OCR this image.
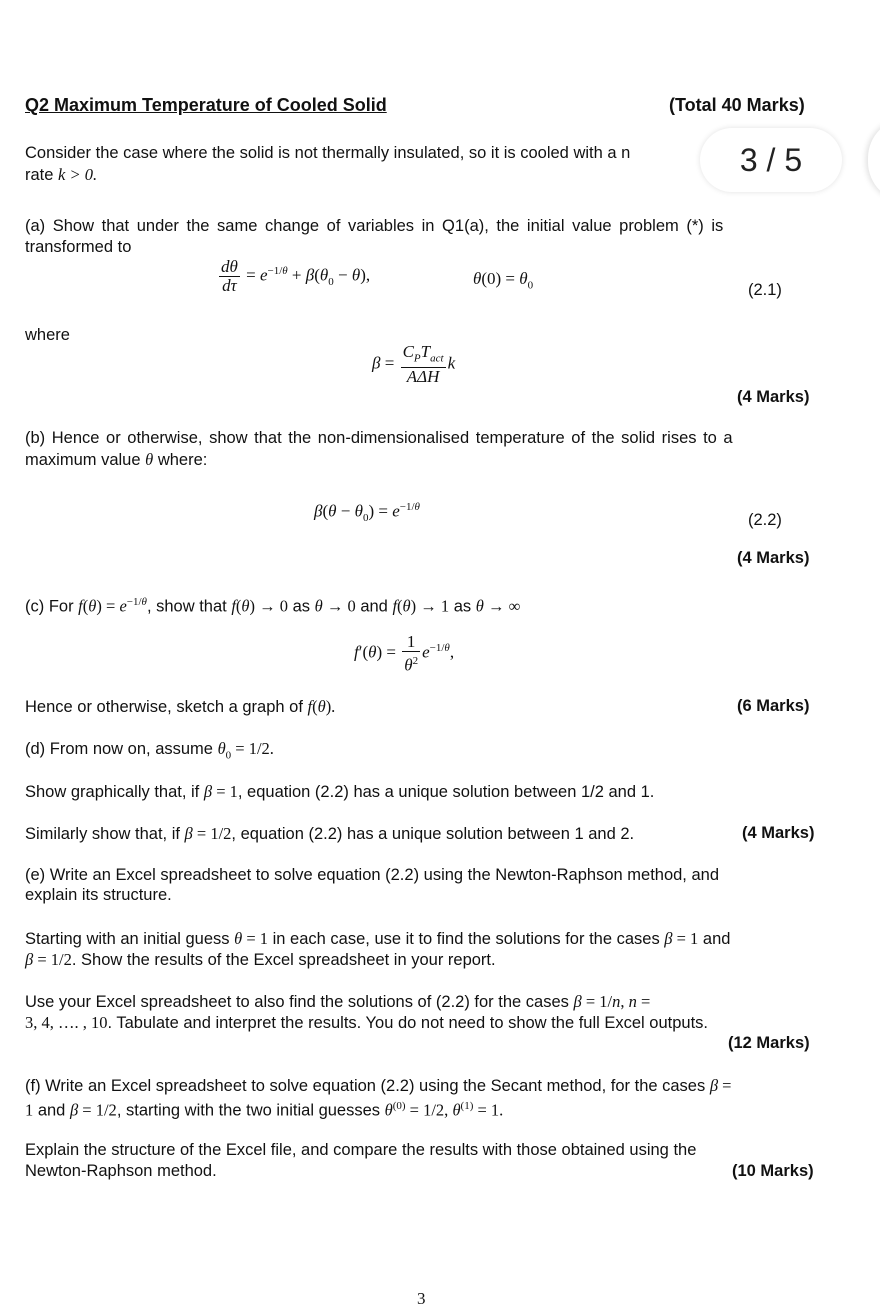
Q2 Maximum Temperature of Cooled Solid	(Total 40 Marks)
Consider the case where the solid is not thermally insulated, so it is cooled with a n
rate k > 0.	3 / 5
(a) Show that under the same change of variables in Q1(a), the initial value problem (*) is
transformed to
$\frac{d\theta}{d\tau} = e^{-1/\theta} + \beta(\theta_0 - \theta)$,	$\theta(0) = \theta_0$	(2.1)
where
$\beta = \frac{C_PT_{act}}{\text{AΔH}}$ k
(4 Marks)
(b) Hence or otherwise, show that the non-dimensionalised temperature of the solid rises to a
maximum value θ where:
$\beta(\theta - \theta_0) = e^{-1/\theta}$
(2.2)
(4 Marks)
(c) For $f(\theta) = e^{-1/\theta}$, show that f(θ) → 0 as θ → 0 and f(θ) → 1 as θ → ∞
$f'(\theta) = \frac{1}{\theta^2} e^{-1/\theta}$,
Hence or otherwise, sketch a graph of f(θ).	(6 Marks)
(d) From now on, assume $\theta_0 = 1/2$.
Show graphically that, if β = 1, equation (2.2) has a unique solution between 1/2 and 1.
Similarly show that, if β = 1/2, equation (2.2) has a unique solution between 1 and 2.	(4 Marks)
(e) Write an Excel spreadsheet to solve equation (2.2) using the Newton-Raphson method, and
explain its structure.
Starting with an initial guess θ = 1 in each case, use it to find the solutions for the cases β = 1 and
β = 1/2. Show the results of the Excel spreadsheet in your report.
Use your Excel spreadsheet to also find the solutions of (2.2) for the cases β = 1/n, n =
3, 4, …. , 10. Tabulate and interpret the results. You do not need to show the full Excel outputs.
(12 Marks)
(f) Write an Excel spreadsheet to solve equation (2.2) using the Secant method, for the cases β =
1 and β = 1/2, starting with the two initial guesses $\theta^{(0)} = 1/2$, $\theta^{(1)} = 1$.
Explain the structure of the Excel file, and compare the results with those obtained using the
Newton-Raphson method.	(10 Marks)
3
